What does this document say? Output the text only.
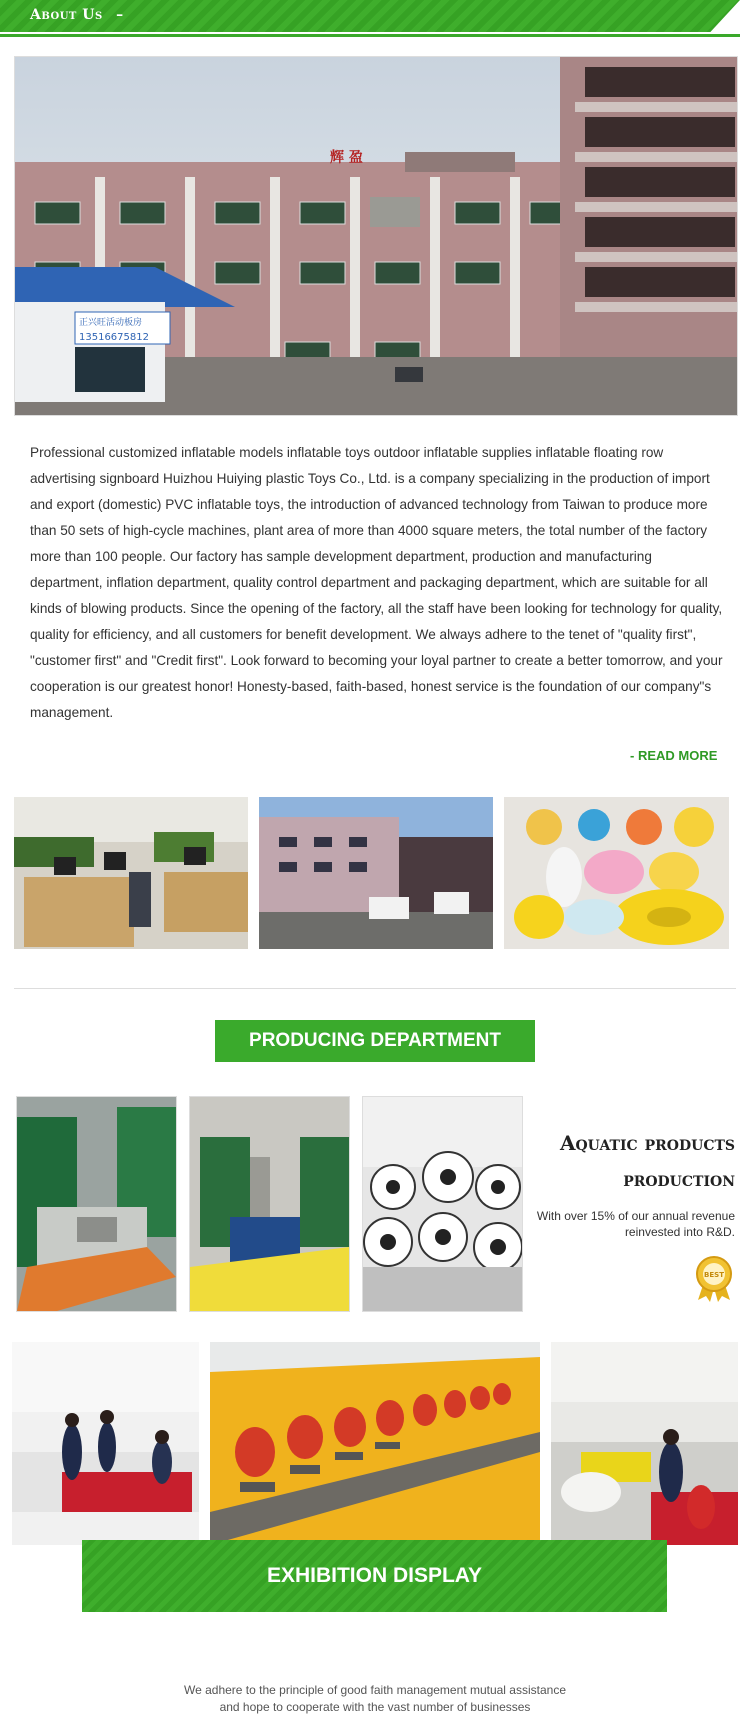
About Us –
辉 盈
正兴旺活动板房
13516675812

Professional customized inflatable models inflatable toys outdoor inflatable supplies inflatable floating row advertising signboard Huizhou Huiying plastic Toys Co., Ltd. is a company specializing in the production of import and export (domestic) PVC inflatable toys, the introduction of advanced technology from Taiwan to produce more than 50 sets of high-cycle machines, plant area of more than 4000 square meters, the total number of the factory more than 100 people. Our factory has sample development department, production and manufacturing department, inflation department, quality control department and packaging department, which are suitable for all kinds of blowing products. Since the opening of the factory, all the staff have been looking for technology for quality, quality for efficiency, and all customers for benefit development. We always adhere to the tenet of "quality first", "customer first" and "Credit first". Look forward to becoming your loyal partner to create a better tomorrow, and your cooperation is our greatest honor! Honesty-based, faith-based, honest service is the foundation of our company"s management.

- READ MORE
PRODUCING DEPARTMENT

Aquatic products
production

With over 15% of our annual revenue reinvested into R&D.

BEST
EXHIBITION DISPLAY

We adhere to the principle of good faith management mutual assistance
and hope to cooperate with the vast number of businesses
